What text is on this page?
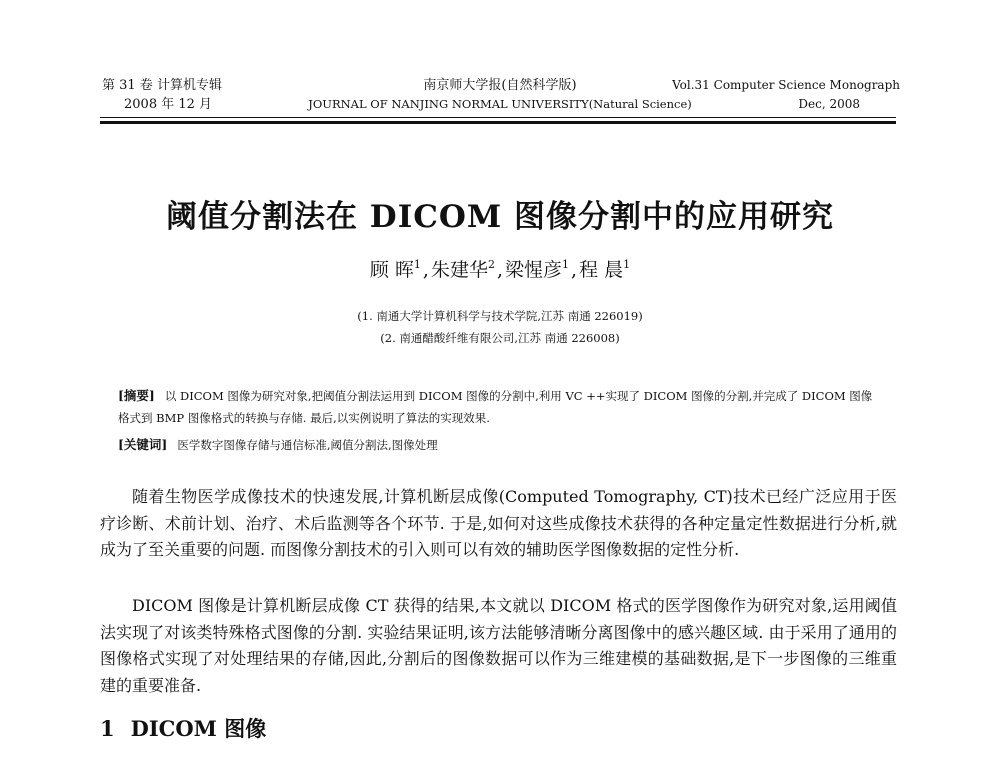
第 31 卷 计算机专辑
2008 年 12 月
南京师大学报(自然科学版)
JOURNAL OF NANJING NORMAL UNIVERSITY(Natural Science)
Vol.31 Computer Science Monograph
Dec, 2008
阈值分割法在 DICOM 图像分割中的应用研究
顾 晖$^1$ , 朱建华$^2$ , 梁惺彦$^1$ , 程 晨$^1$
(1. 南通大学计算机科学与技术学院,江苏 南通 226019)
(2. 南通醋酸纤维有限公司,江苏 南通 226008)
[摘要] 以 DICOM 图像为研究对象,把阈值分割法运用到 DICOM 图像的分割中,利用 VC ++实现了 DICOM 图像的分割,并完成了 DICOM 图像格式到 BMP 图像格式的转换与存储. 最后,以实例说明了算法的实现效果.
[关键词] 医学数字图像存储与通信标准,阈值分割法,图像处理

随着生物医学成像技术的快速发展,计算机断层成像(Computed Tomography, CT)技术已经广泛应用于医疗诊断、术前计划、治疗、术后监测等各个环节. 于是,如何对这些成像技术获得的各种定量定性数据进行分析,就成为了至关重要的问题. 而图像分割技术的引入则可以有效的辅助医学图像数据的定性分析.

DICOM 图像是计算机断层成像 CT 获得的结果,本文就以 DICOM 格式的医学图像作为研究对象,运用阈值法实现了对该类特殊格式图像的分割. 实验结果证明,该方法能够清晰分离图像中的感兴趣区域. 由于采用了通用的图像格式实现了对处理结果的存储,因此,分割后的图像数据可以作为三维建模的基础数据,是下一步图像的三维重建的重要准备.

1 DICOM 图像
